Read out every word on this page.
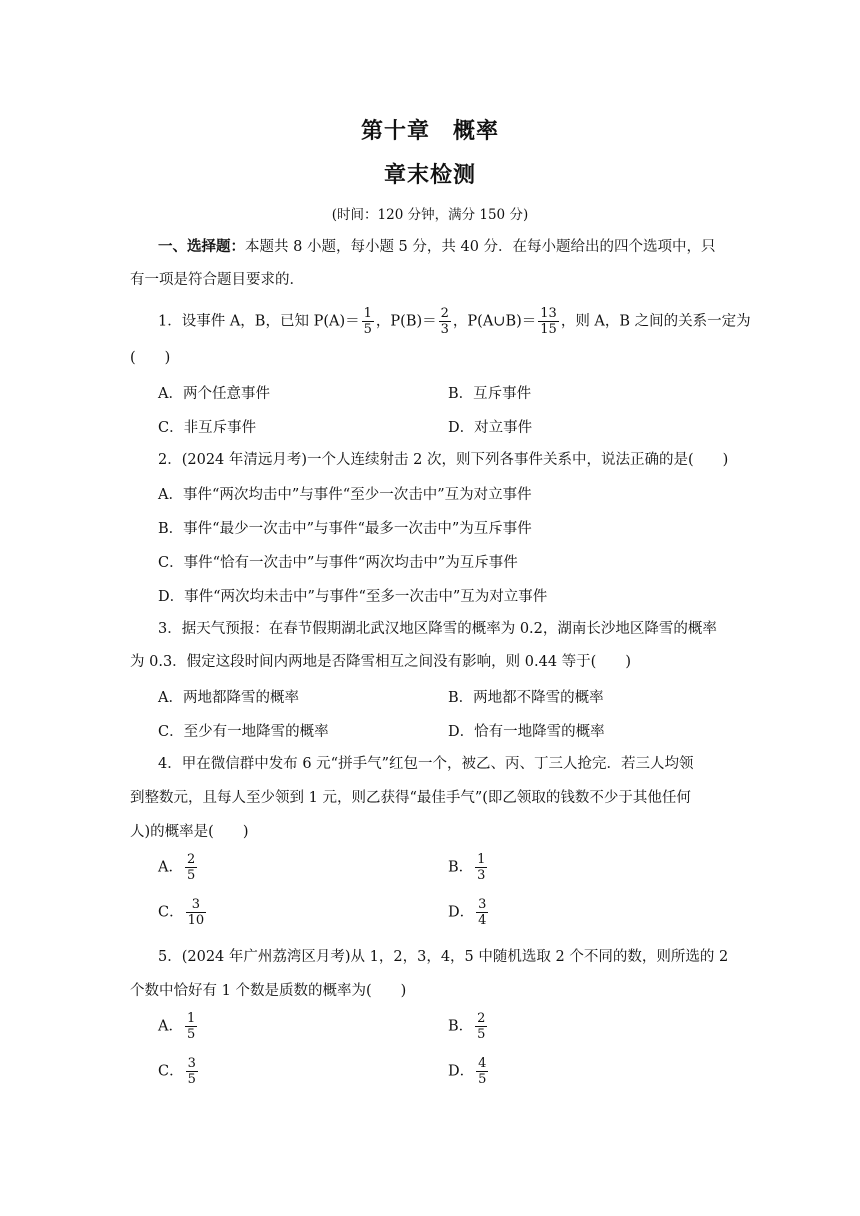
第十章　概率
章末检测
(时间：120 分钟，满分 150 分)
一、选择题：本题共 8 小题，每小题 5 分，共 40 分．在每小题给出的四个选项中，只
有一项是符合题目要求的．
1．设事件 A，B，已知 $P(A)= \frac{1}{5}$ ，$P(B)= \frac{2}{3}$ ，P(A∪B)＝ $\frac{13}{15}$ ，则 A，B 之间的关系一定为
(　　)
A．两个任意事件	B．互斥事件
C．非互斥事件	D．对立事件
2．(2024 年清远月考)一个人连续射击 2 次，则下列各事件关系中，说法正确的是(　　)
A．事件“两次均击中”与事件“至少一次击中”互为对立事件
B．事件“最少一次击中”与事件“最多一次击中”为互斥事件
C．事件“恰有一次击中”与事件“两次均击中”为互斥事件
D．事件“两次均未击中”与事件“至多一次击中”互为对立事件
3．据天气预报：在春节假期湖北武汉地区降雪的概率为 0.2，湖南长沙地区降雪的概率
为 0.3．假定这段时间内两地是否降雪相互之间没有影响，则 0.44 等于(　　)
A．两地都降雪的概率	B．两地都不降雪的概率
C．至少有一地降雪的概率	D．恰有一地降雪的概率
4．甲在微信群中发布 6 元“拼手气”红包一个，被乙、丙、丁三人抢完．若三人均领
到整数元，且每人至少领到 1 元，则乙获得“最佳手气”(即乙领取的钱数不少于其他任何
人)的概率是(　　)
A． $\frac{2}{5}$	B． $\frac{1}{3}$
C． $\frac{3}{10}$	D． $\frac{3}{4}$
5．(2024 年广州荔湾区月考)从 1，2，3，4，5 中随机选取 2 个不同的数，则所选的 2
个数中恰好有 1 个数是质数的概率为(　　)
A． $\frac{1}{5}$	B． $\frac{2}{5}$
C． $\frac{3}{5}$	D． $\frac{4}{5}$
